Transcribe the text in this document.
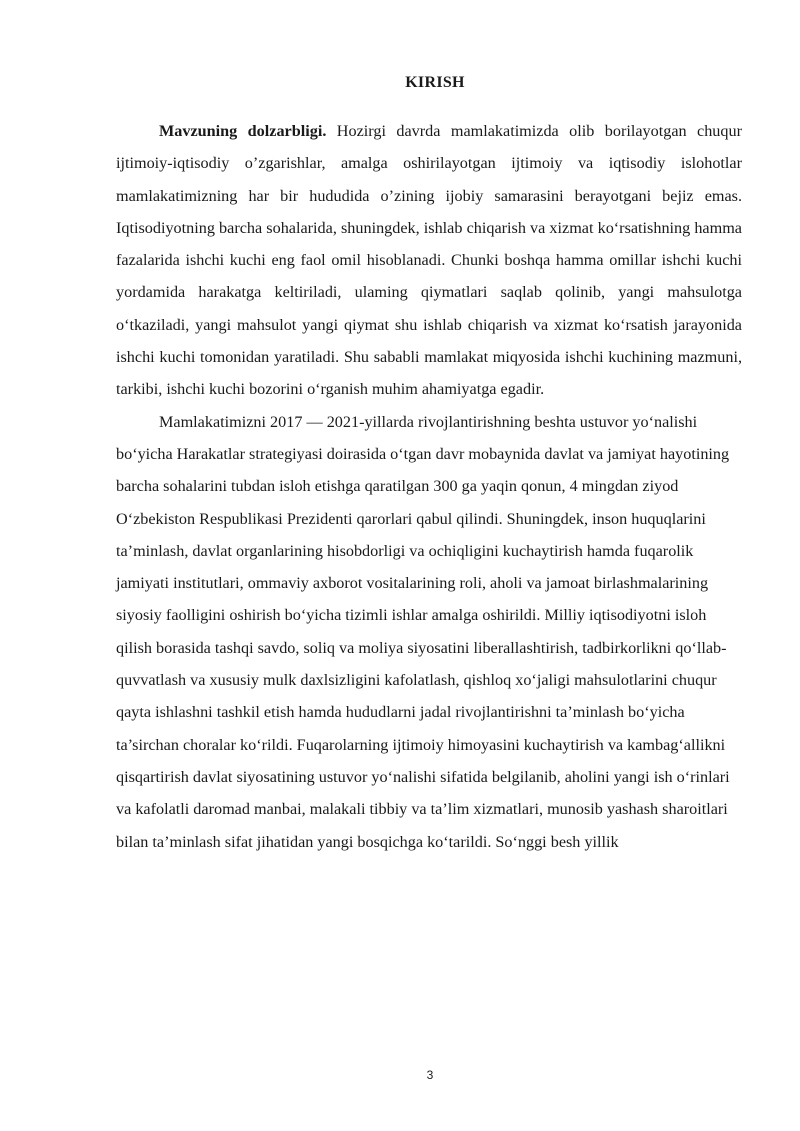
KIRISH

Mavzuning dolzarbligi. Hozirgi davrda mamlakatimizda olib borilayotgan chuqur ijtimoiy-iqtisodiy o’zgarishlar, amalga oshirilayotgan ijtimoiy va iqtisodiy islohotlar mamlakatimizning har bir hududida o’zining ijobiy samarasini berayotgani bejiz emas. Iqtisodiyotning barcha sohalarida, shuningdek, ishlab chiqarish va xizmat ko‘rsatishning hamma fazalarida ishchi kuchi eng faol omil hisoblanadi. Chunki boshqa hamma omillar ishchi kuchi yordamida harakatga keltiriladi, ulaming qiymatlari saqlab qolinib, yangi mahsulotga o‘tkaziladi, yangi mahsulot yangi qiymat shu ishlab chiqarish va xizmat ko‘rsatish jarayonida ishchi kuchi tomonidan yaratiladi. Shu sababli mamlakat miqyosida ishchi kuchining mazmuni, tarkibi, ishchi kuchi bozorini o‘rganish muhim ahamiyatga egadir.

Mamlakatimizni 2017 — 2021-yillarda rivojlantirishning beshta ustuvor yo‘nalishi bo‘yicha Harakatlar strategiyasi doirasida o‘tgan davr mobaynida davlat va jamiyat hayotining barcha sohalarini tubdan isloh etishga qaratilgan 300 ga yaqin qonun, 4 mingdan ziyod O‘zbekiston Respublikasi Prezidenti qarorlari qabul qilindi. Shuningdek, inson huquqlarini ta’minlash, davlat organlarining hisobdorligi va ochiqligini kuchaytirish hamda fuqarolik jamiyati institutlari, ommaviy axborot vositalarining roli, aholi va jamoat birlashmalarining siyosiy faolligini oshirish bo‘yicha tizimli ishlar amalga oshirildi. Milliy iqtisodiyotni isloh qilish borasida tashqi savdo, soliq va moliya siyosatini liberallashtirish, tadbirkorlikni qo‘llab- quvvatlash va xususiy mulk daxlsizligini kafolatlash, qishloq xo‘jaligi mahsulotlarini chuqur qayta ishlashni tashkil etish hamda hududlarni jadal rivojlantirishni ta’minlash bo‘yicha ta’sirchan choralar ko‘rildi. Fuqarolarning ijtimoiy himoyasini kuchaytirish va kambag‘allikni qisqartirish davlat siyosatining ustuvor yo‘nalishi sifatida belgilanib, aholini yangi ish o‘rinlari va kafolatli daromad manbai, malakali tibbiy va ta’lim xizmatlari, munosib yashash sharoitlari bilan ta’minlash sifat jihatidan yangi bosqichga ko‘tarildi. So‘nggi besh yillik

3
